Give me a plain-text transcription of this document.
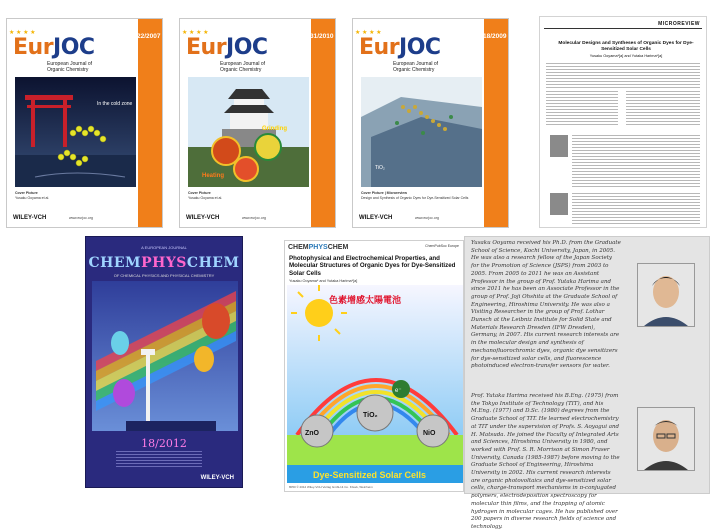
★ ★ ★ ★
EurJOC
European Journal of
Organic Chemistry
22/2007
In the cold zone
Cover Picture
Yusaku Ooyama et al.
WILEY-VCH	www.eurjoc.org
★ ★ ★ ★
EurJOC
European Journal of
Organic Chemistry
31/2010
Grinding
Heating
Cover Picture
Yusaku Ooyama et al.
WILEY-VCH	www.eurjoc.org
★ ★ ★ ★
EurJOC
European Journal of
Organic Chemistry
18/2009
TiO₂
Cover Picture | Microreview
Design and Synthesis of Organic Dyes for Dye-Sensitized Solar Cells
WILEY-VCH	www.eurjoc.org
MICROREVIEW
Molecular Designs and Syntheses of Organic Dyes for Dye-Sensitized Solar Cells
Yusaku Ooyama*[a] and Yutaka Harima*[a]
A EUROPEAN JOURNAL
CHEMPHYSCHEM
OF CHEMICAL PHYSICS AND PHYSICAL CHEMISTRY
18/2012
WILEY-VCH
CHEMPHYSCHEM	ChemPubSoc Europe
Photophysical and Electrochemical Properties, and Molecular Structures of Organic Dyes for Dye-Sensitized Solar Cells
Yusaku Ooyama* and Yutaka Harima*[a]
色素增感太陽電池
ZnO
TiO₂
NiO
e⁻
Dye-Sensitized Solar Cells
8050 © 2012 Wiley-VCH Verlag GmbH & Co. KGaA, Weinheim

Yusaku Ooyama received his Ph.D. from the Graduate School of Science, Kochi University, Japan, in 2005. He was also a research fellow of the Japan Society for the Promotion of Science (JSPS) from 2003 to 2005. From 2005 to 2011 he was an Assistant Professor in the group of Prof. Yutaka Harima and since 2011 he has been an Associate Professor in the group of Prof. Joji Ohshita at the Graduate School of Engineering, Hiroshima University. He was also a Visiting Researcher in the group of Prof. Lothar Dunsch at the Leibniz Institute for Solid State and Materials Research Dresden (IFW Dresden), Germany, in 2007. His current research interests are in the molecular design and synthesis of mechanofluorochromic dyes, organic dye sensitizers for dye-sensitized solar cells, and fluorescence photoinduced electron-transfer sensors for water.

Prof. Yutaka Harima received his B.Eng. (1975) from the Tokyo Institute of Technology (TIT), and his M.Eng. (1977) and D.Sc. (1980) degrees from the Graduate School of TIT. He learned electrochemistry at TIT under the supervision of Profs. S. Aoyagui and H. Matsuda. He joined the Faculty of Integrated Arts and Sciences, Hiroshima University in 1980, and worked with Prof. S. R. Morrison at Simon Fraser University, Canada (1985-1987) before moving to the Graduate School of Engineering, Hiroshima University in 2002. His current research interests are organic photovoltaics and dye-sensitized solar cells, charge-transport mechanisms in π-conjugated polymers, electrodeposition spectroscopy for molecular thin films, and the trapping of atomic hydrogen in molecular cages. He has published over 200 papers in diverse research fields of science and technology.
